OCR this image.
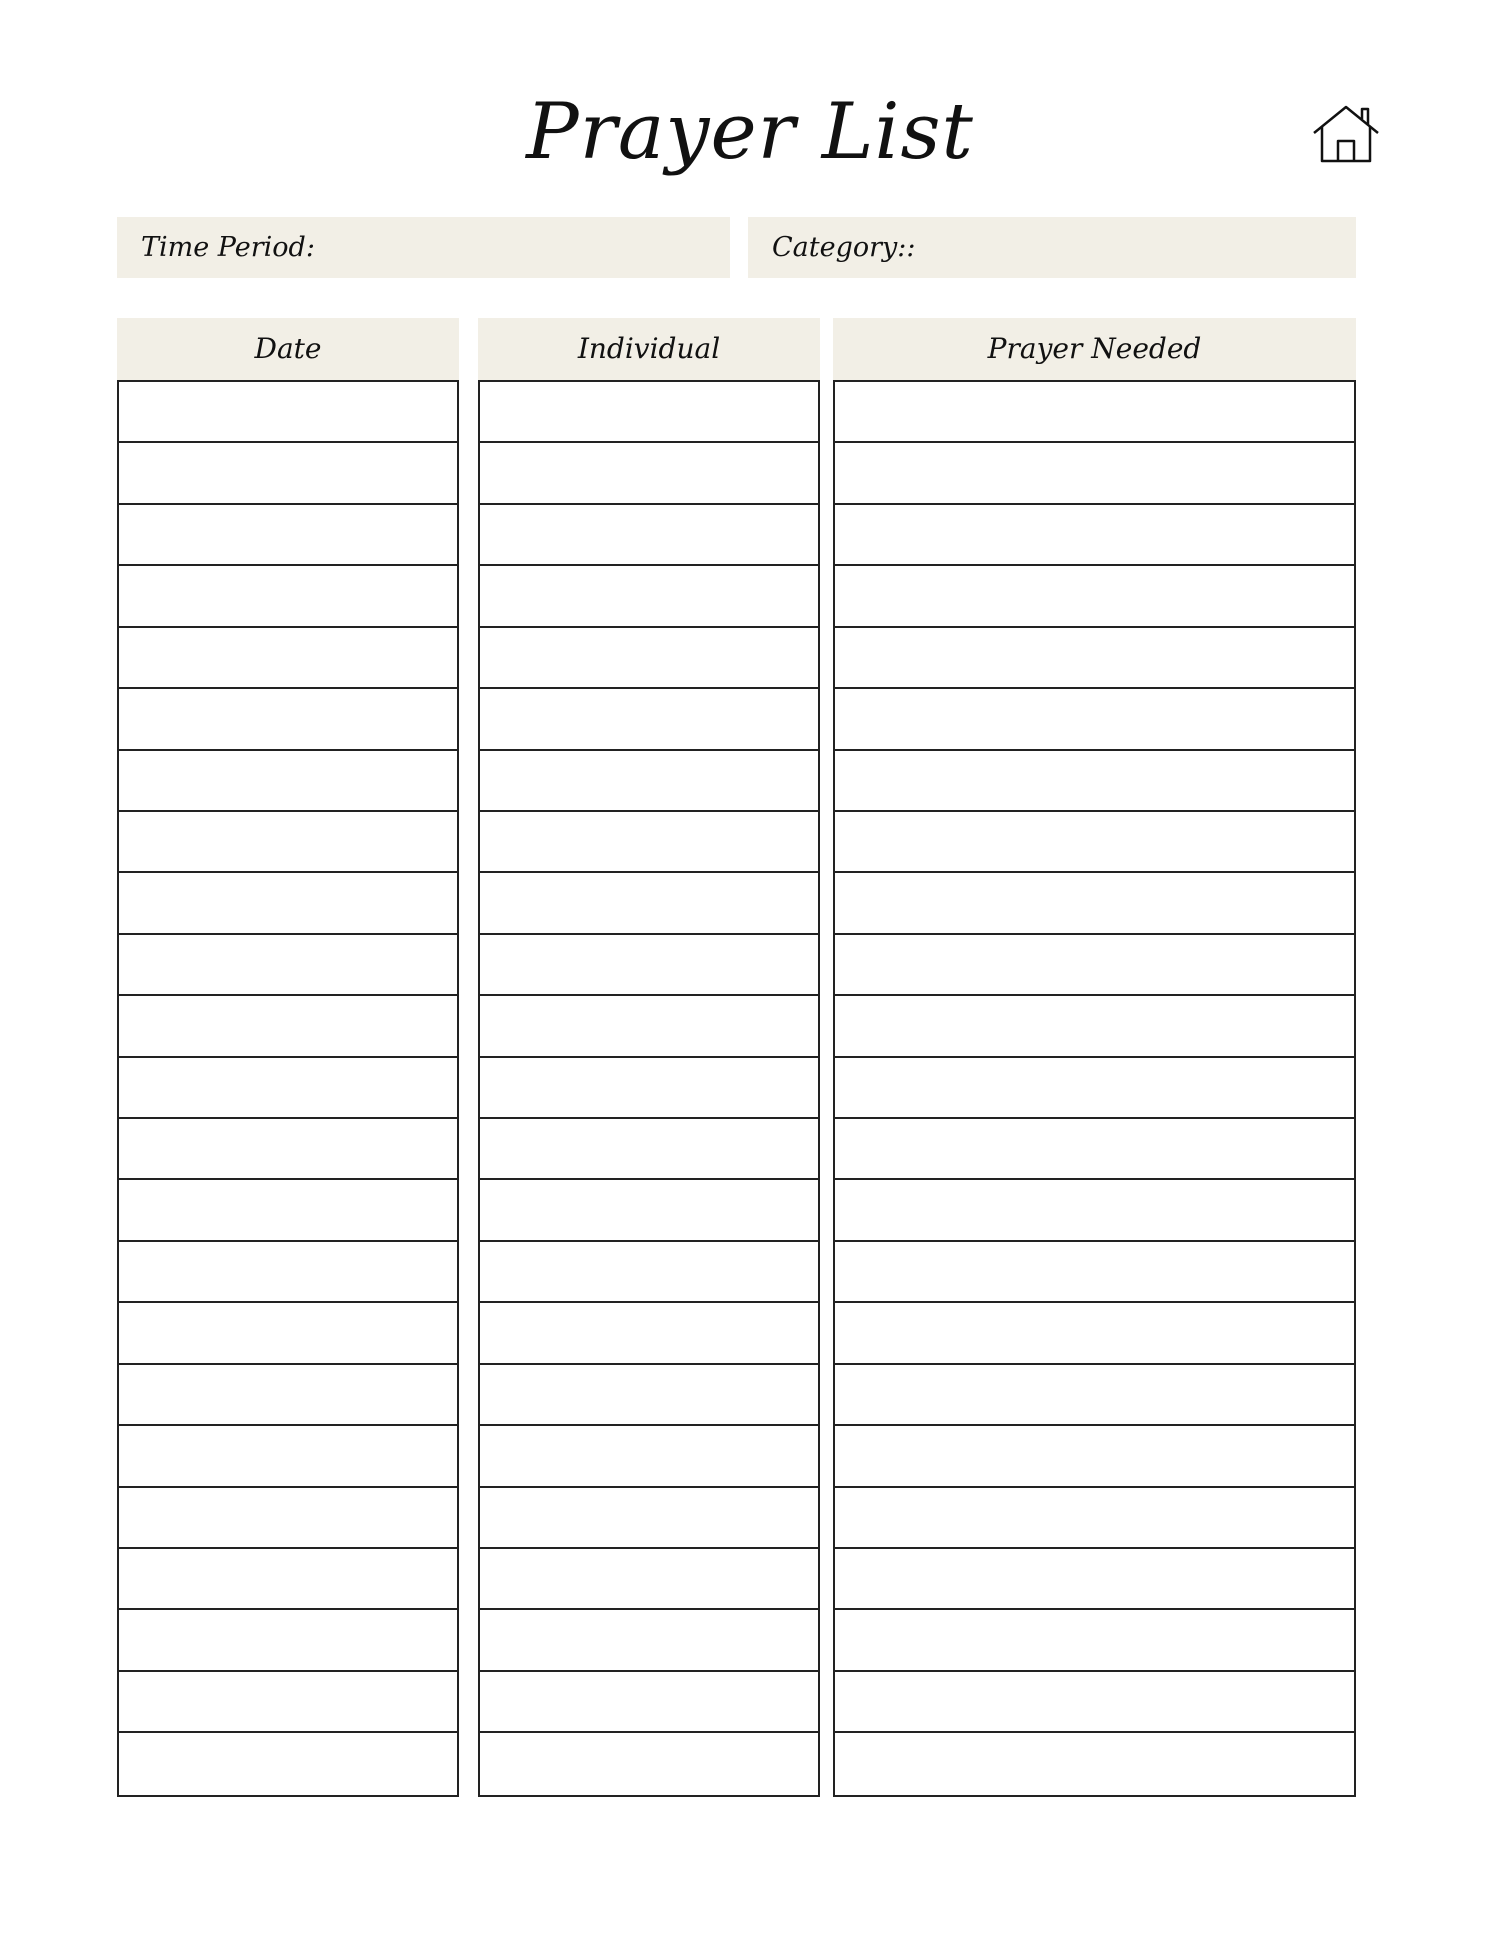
Prayer List
Time Period:	Category::
Date	Individual	Prayer Needed
